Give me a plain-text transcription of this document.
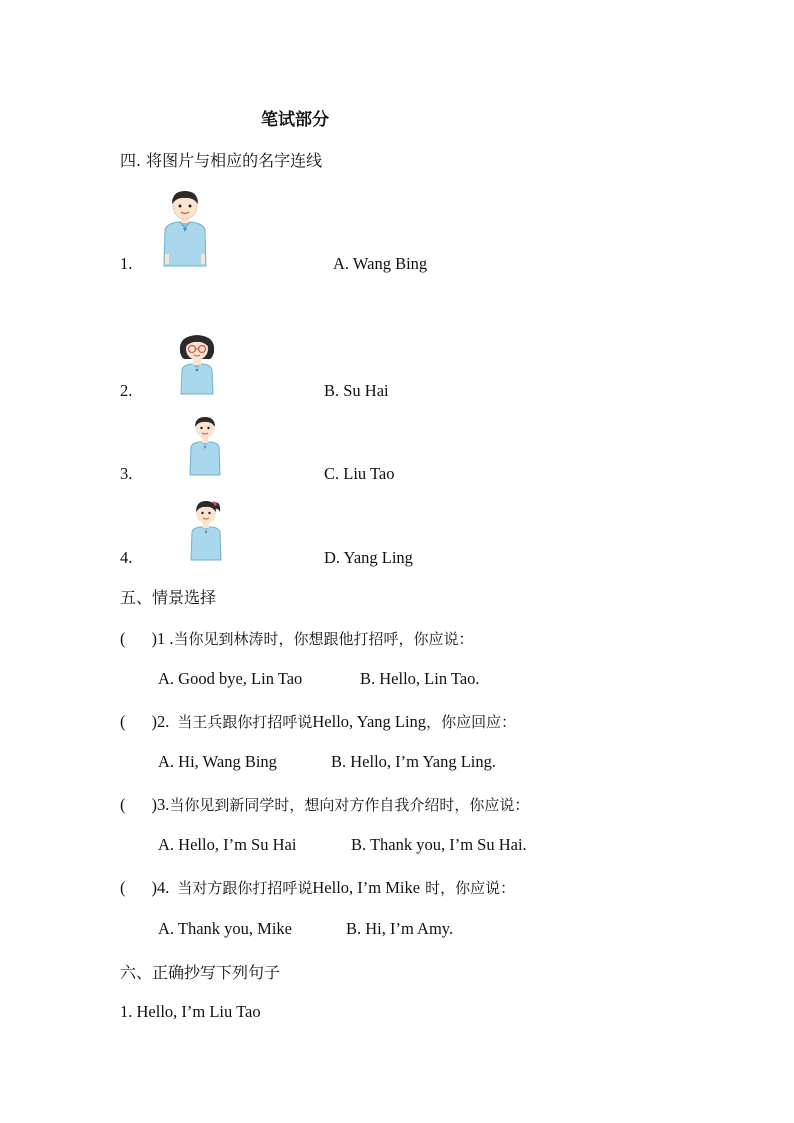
笔试部分
四. 将图片与相应的名字连线
1.	A. Wang Bing
2.	B. Su Hai
3.	C. Liu Tao
4.	D. Yang Ling
五、情景选择
( )1 .当你见到林涛时，你想跟他打招呼，你应说：
A. Good bye, Lin Tao	B. Hello, Lin Tao.
( )2. 当王兵跟你打招呼说Hello, Yang Ling，你应回应：
A. Hi, Wang Bing	B. Hello, I’m Yang Ling.
( )3.当你见到新同学时，想向对方作自我介绍时，你应说：
A. Hello, I’m Su Hai	B. Thank you, I’m Su Hai.
( )4. 当对方跟你打招呼说Hello, I’m Mike 时，你应说：
A. Thank you, Mike	B. Hi, I’m Amy.
六、正确抄写下列句子
1. Hello, I’m Liu Tao
